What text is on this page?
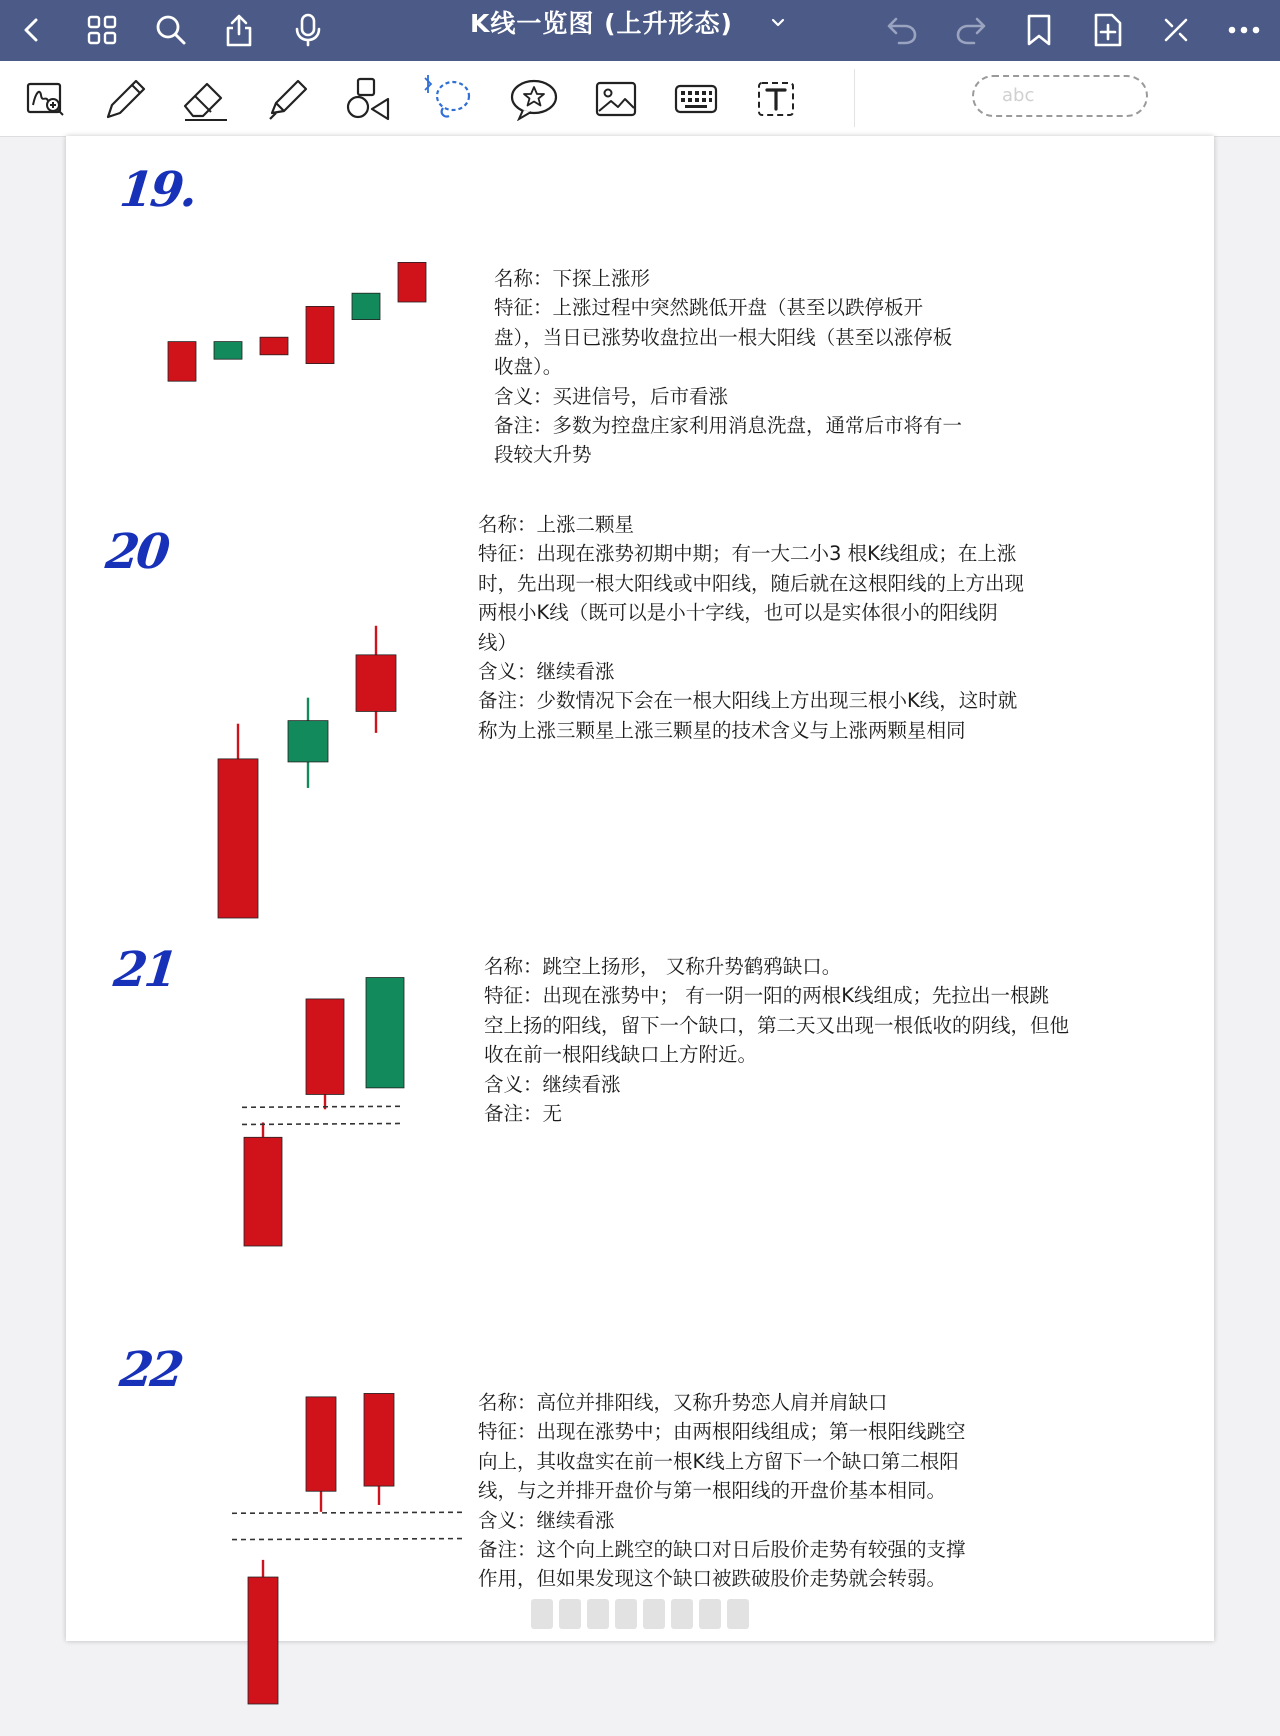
K线一览图 (上升形态)
abc
19.
名称：下探上涨形
特征：上涨过程中突然跳低开盘（甚至以跌停板开
盘），当日已涨势收盘拉出一根大阳线（甚至以涨停板
收盘）。
含义：买进信号，后市看涨
备注：多数为控盘庄家利用消息洗盘，通常后市将有一
段较大升势
20	名称：上涨二颗星
特征：出现在涨势初期中期；有一大二小3 根K线组成；在上涨
时，先出现一根大阳线或中阳线，随后就在这根阳线的上方出现
两根小K线（既可以是小十字线，也可以是实体很小的阳线阴
线）
含义：继续看涨
备注：少数情况下会在一根大阳线上方出现三根小K线，这时就
称为上涨三颗星上涨三颗星的技术含义与上涨两颗星相同
21	名称：跳空上扬形， 又称升势鹤鸦缺口。
特征：出现在涨势中； 有一阴一阳的两根K线组成；先拉出一根跳
空上扬的阳线，留下一个缺口，第二天又出现一根低收的阴线，但他
收在前一根阳线缺口上方附近。
含义：继续看涨
备注：无
22
名称：高位并排阳线，又称升势恋人肩并肩缺口
特征：出现在涨势中；由两根阳线组成；第一根阳线跳空
向上，其收盘实在前一根K线上方留下一个缺口第二根阳
线，与之并排开盘价与第一根阳线的开盘价基本相同。
含义：继续看涨
备注：这个向上跳空的缺口对日后股价走势有较强的支撑
作用，但如果发现这个缺口被跌破股价走势就会转弱。
